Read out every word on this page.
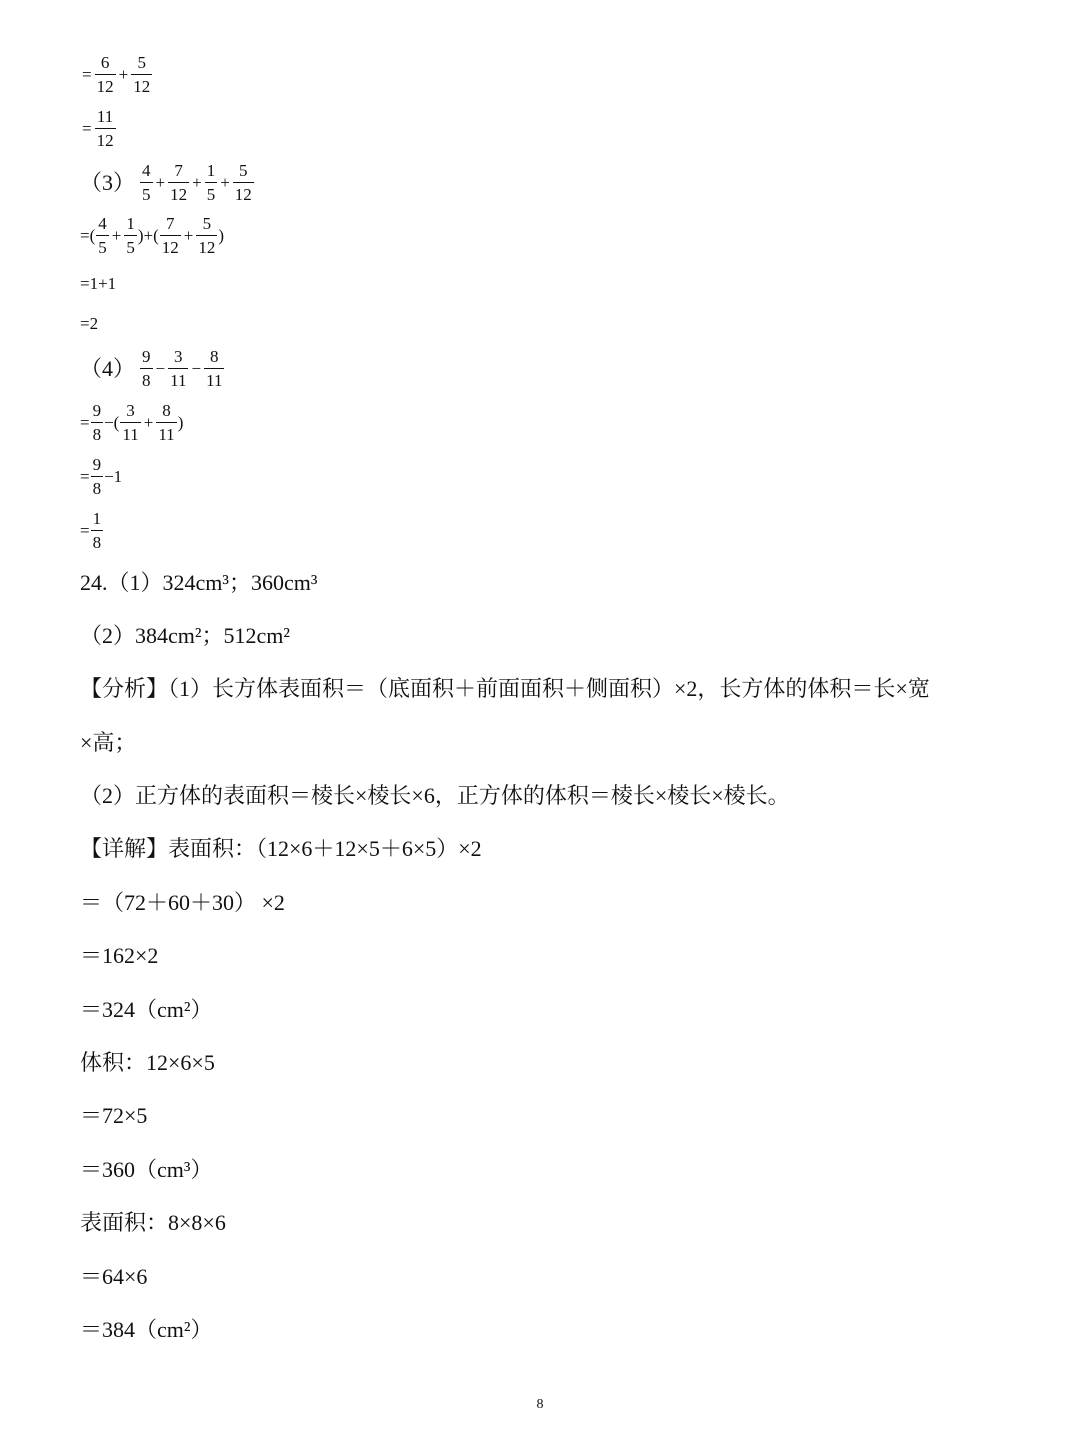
= $\frac{6}{12} + \frac{5}{12}$
= $\frac{11}{12}$
$(3) \frac{4}{5} + \frac{7}{12} + \frac{1}{5} + \frac{5}{12}$
=( $\frac{4}{5} + \frac{1}{5}$ )+( $\frac{7}{12} + \frac{5}{12}$ )
=1+1
=2
$(4) \frac{9}{8} - \frac{3}{11} - \frac{8}{11}$
= $\frac{9}{8}$ −( $\frac{3}{11} + \frac{8}{11}$ )
= $\frac{9}{8} -1$
= $\frac{1}{8}$
24.（1）324cm³；360cm³
（2）384cm²；512cm²
【分析】（1）长方体表面积＝（底面积＋前面面积＋侧面积）×2，长方体的体积＝长×宽
×高；
（2）正方体的表面积＝棱长×棱长×6，正方体的体积＝棱长×棱长×棱长。
【详解】表面积：（12×6＋12×5＋6×5）×2
＝（72＋60＋30） ×2
＝162×2
＝324（cm²）
体积：12×6×5
＝72×5
＝360（cm³）
表面积：8×8×6
＝64×6
＝384（cm²）
8
